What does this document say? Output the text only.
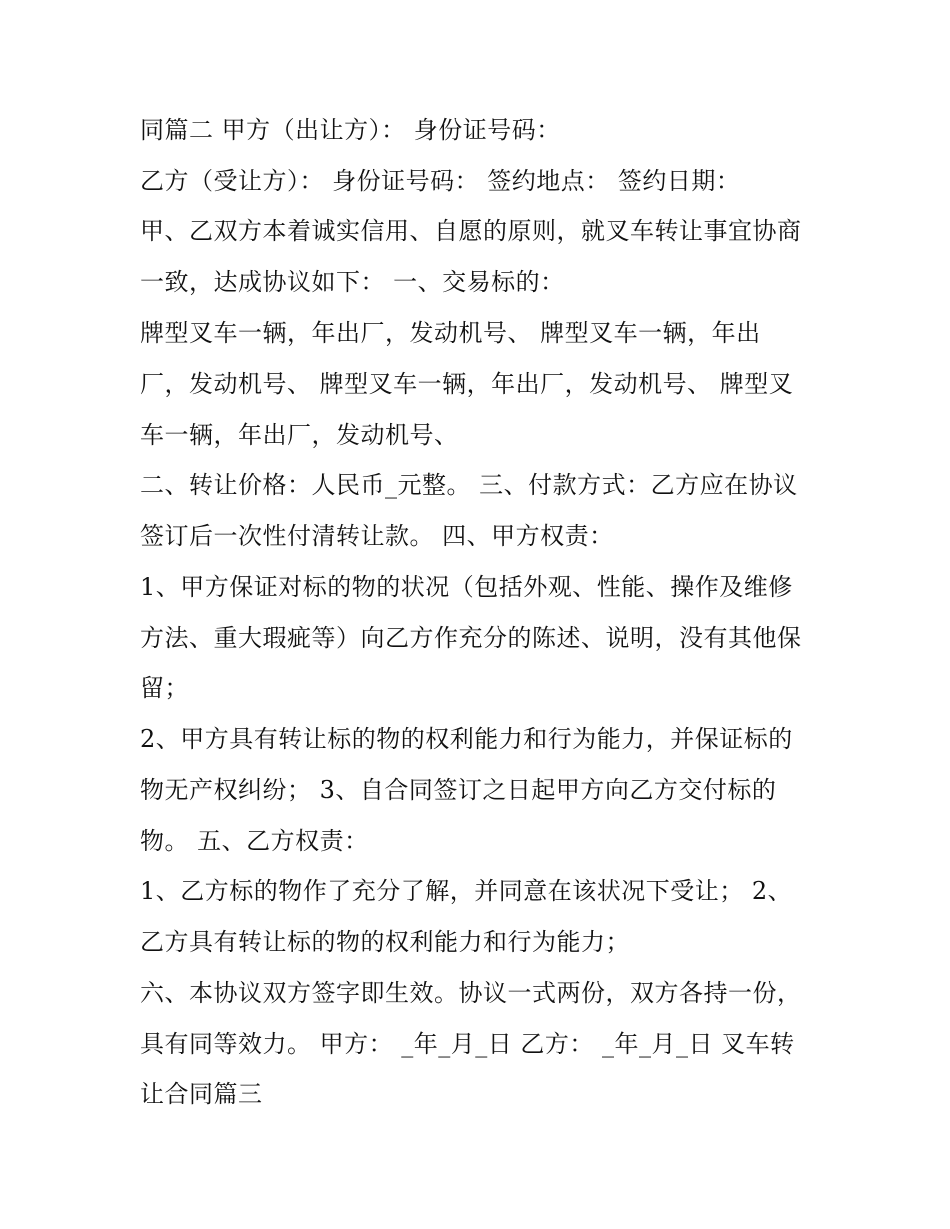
同篇二 甲方（出让方）： 身份证号码：
乙方（受让方）： 身份证号码： 签约地点： 签约日期：
甲、乙双方本着诚实信用、自愿的原则，就叉车转让事宜协商
一致，达成协议如下： 一、交易标的：
牌型叉车一辆，年出厂，发动机号、 牌型叉车一辆，年出
厂，发动机号、 牌型叉车一辆，年出厂，发动机号、 牌型叉
车一辆，年出厂，发动机号、
二、转让价格：人民币_元整。 三、付款方式：乙方应在协议
签订后一次性付清转让款。 四、甲方权责：
1、甲方保证对标的物的状况（包括外观、性能、操作及维修
方法、重大瑕疵等）向乙方作充分的陈述、说明，没有其他保
留；
2、甲方具有转让标的物的权利能力和行为能力，并保证标的
物无产权纠纷； 3、自合同签订之日起甲方向乙方交付标的
物。 五、乙方权责：
1、乙方标的物作了充分了解，并同意在该状况下受让； 2、
乙方具有转让标的物的权利能力和行为能力；
六、本协议双方签字即生效。协议一式两份，双方各持一份，
具有同等效力。 甲方： _年_月_日 乙方： _年_月_日 叉车转
让合同篇三
